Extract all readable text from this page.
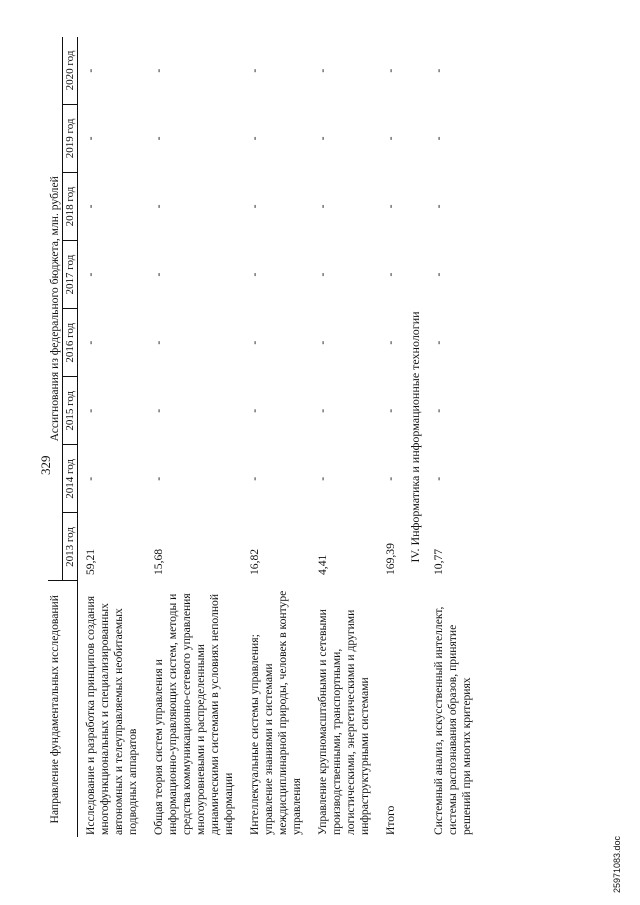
329
Направление фундаментальных исследований	Ассигнования из федерального бюджета, млн. рублей							
	2013 год	2014 год	2015 год	2016 год	2017 год	2018 год	2019 год	2020 год
Исследование и разработка принципов создания многофункциональных и специализированных автономных и телеуправляемых необитаемых подводных аппаратов	59,21	-	-	-	-	-	-	-
Общая теория систем управления и информационно-управляющих систем, методы и средства коммуникационно-сетевого управления многоуровневыми и распределенными динамическими системами в условиях неполной информации	15,68	-	-	-	-	-	-	-
Интеллектуальные системы управления; управление знаниями и системами междисциплинарной природы, человек в контуре управления	16,82	-	-	-	-	-	-	-
Управление крупномасштабными и сетевыми производственными, транспортными, логистическими, энергетическими и другими инфраструктурными системами	4,41	-	-	-	-	-	-	-
Итого	169,39	-	-	-	-	-	-	-
IV. Информатика и информационные технологии								
Системный анализ, искусственный интеллект, системы распознавания образов, принятие решений при многих критериях	10,77	-	-	-	-	-	-	-
25971083.doc
